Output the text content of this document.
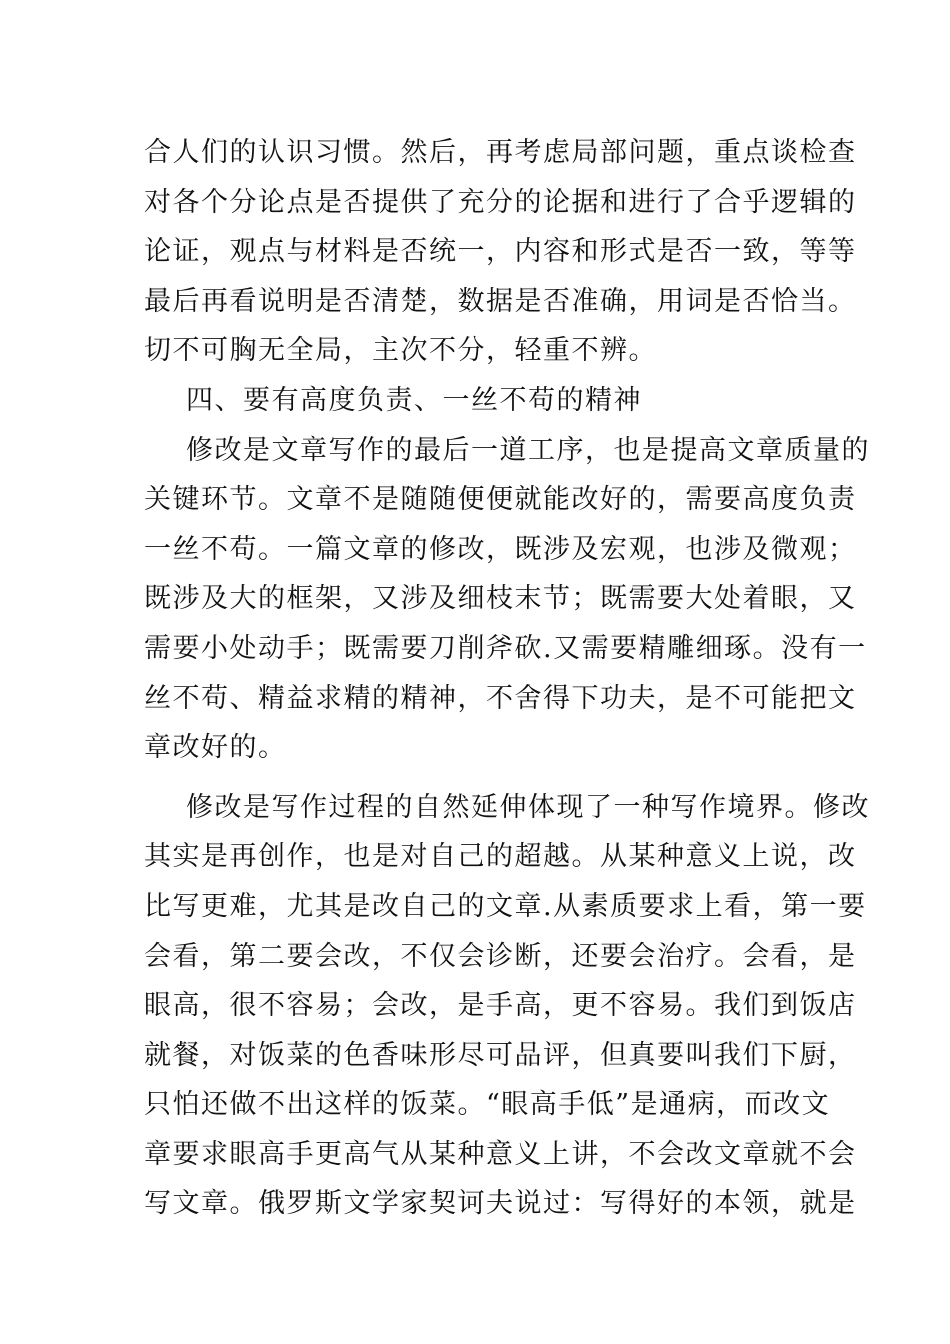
合人们的认识习惯。然后，再考虑局部问题，重点谈检查
对各个分论点是否提供了充分的论据和进行了合乎逻辑的
论证，观点与材料是否统一，内容和形式是否一致，等等
最后再看说明是否清楚，数据是否准确，用词是否恰当。
切不可胸无全局，主次不分，轻重不辨。
四、要有高度负责、一丝不苟的精神
修改是文章写作的最后一道工序，也是提高文章质量的
关键环节。文章不是随随便便就能改好的，需要高度负责
一丝不苟。一篇文章的修改，既涉及宏观，也涉及微观；
既涉及大的框架，又涉及细枝末节；既需要大处着眼，又
需要小处动手；既需要刀削斧砍.又需要精雕细琢。没有一
丝不苟、精益求精的精神，不舍得下功夫，是不可能把文
章改好的。
修改是写作过程的自然延伸体现了一种写作境界。修改
其实是再创作，也是对自己的超越。从某种意义上说，改
比写更难，尤其是改自己的文章.从素质要求上看，第一要
会看，第二要会改，不仅会诊断，还要会治疗。会看，是
眼高，很不容易；会改，是手高，更不容易。我们到饭店
就餐，对饭菜的色香味形尽可品评，但真要叫我们下厨，
只怕还做不出这样的饭菜。“眼高手低”是通病，而改文
章要求眼高手更高气从某种意义上讲，不会改文章就不会
写文章。俄罗斯文学家契诃夫说过：写得好的本领，就是
